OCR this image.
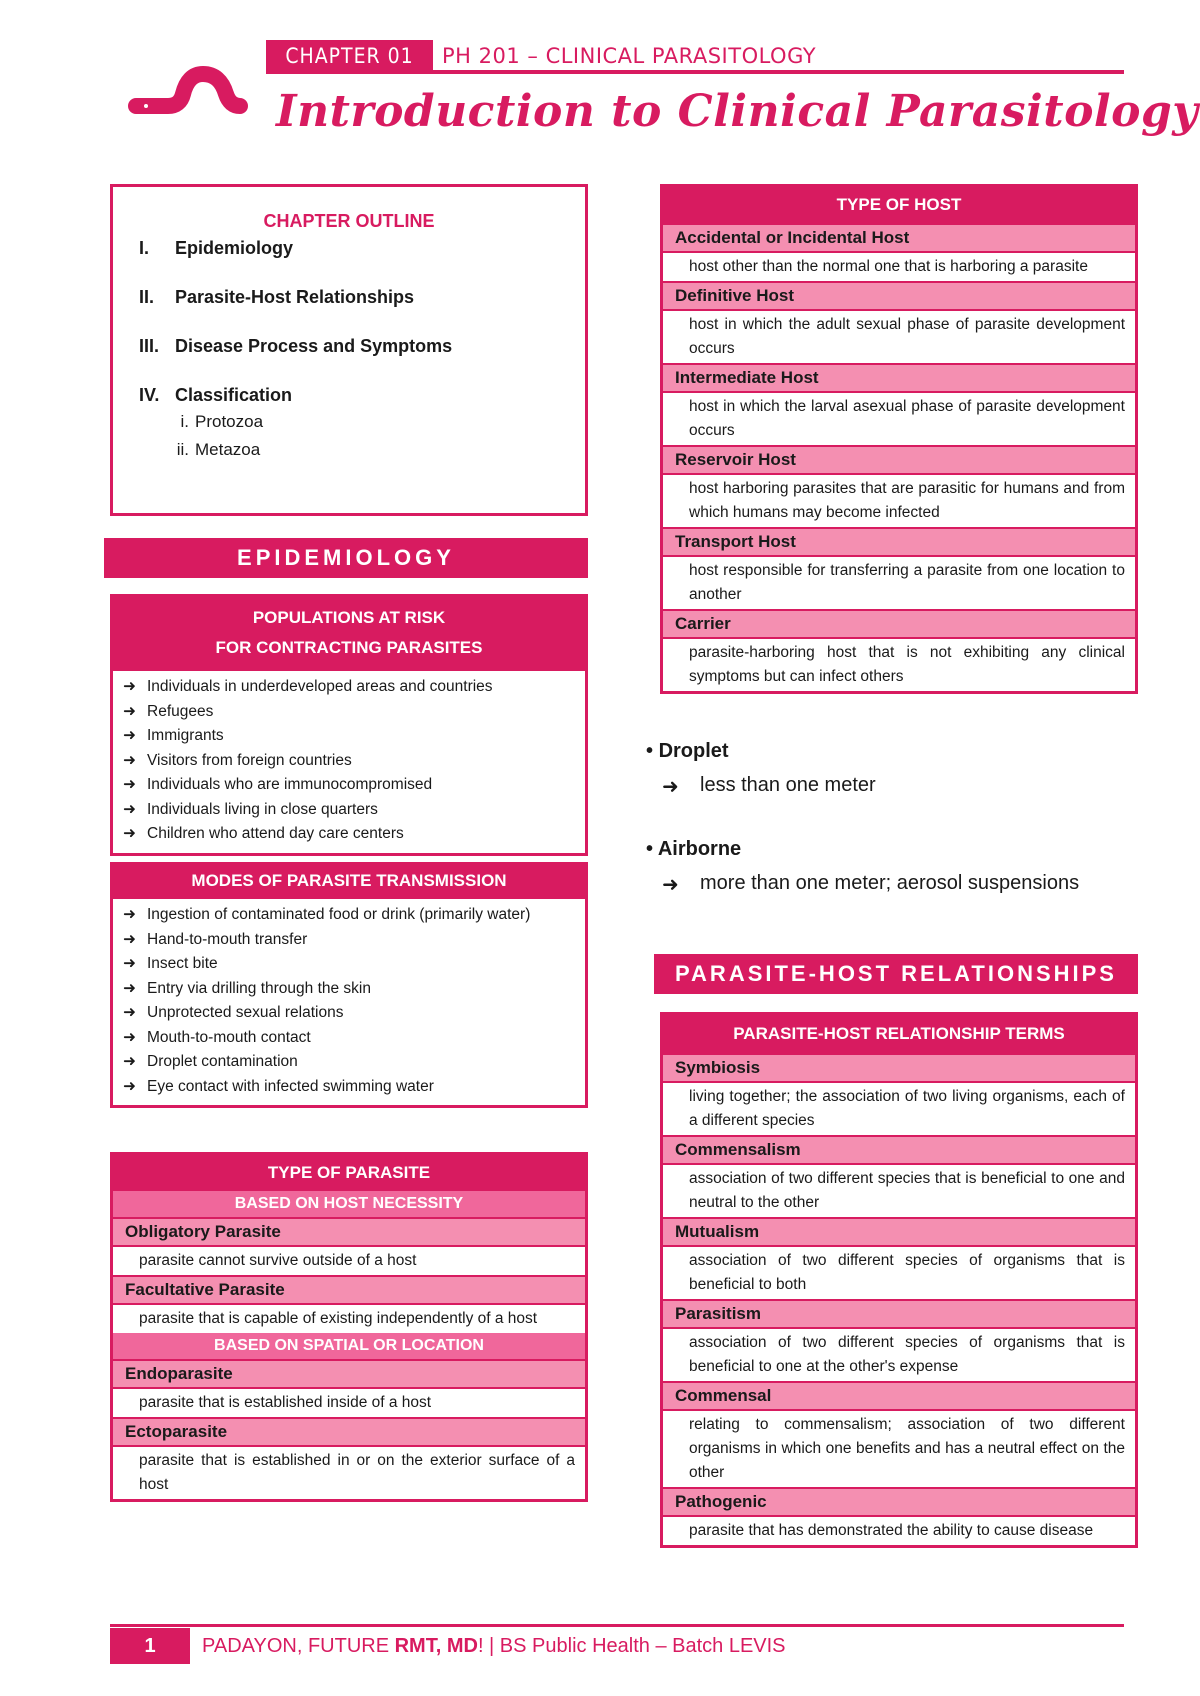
CHAPTER 01	PH 201 – CLINICAL PARASITOLOGY
Introduction to Clinical Parasitology
CHAPTER OUTLINE
I.	Epidemiology
II.	Parasite-Host Relationships
III. Disease Process and Symptoms
IV. Classification
i. Protozoa
ii. Metazoa
EPIDEMIOLOGY
POPULATIONS AT RISK
FOR CONTRACTING PARASITES

➜ Individuals in underdeveloped areas and countries
➜ Refugees
➜ Immigrants
➜ Visitors from foreign countries
➜ Individuals who are immunocompromised
➜ Individuals living in close quarters
➜ Children who attend day care centers
MODES OF PARASITE TRANSMISSION

➜ Ingestion of contaminated food or drink (primarily water)
➜ Hand-to-mouth transfer
➜ Insect bite
➜ Entry via drilling through the skin
➜ Unprotected sexual relations
➜ Mouth-to-mouth contact
➜ Droplet contamination
➜ Eye contact with infected swimming water
TYPE OF PARASITE
BASED ON HOST NECESSITY
Obligatory Parasite
parasite cannot survive outside of a host
Facultative Parasite
parasite that is capable of existing independently of a host
BASED ON SPATIAL OR LOCATION
Endoparasite
parasite that is established inside of a host
Ectoparasite
parasite that is established in or on the exterior surface of a host
TYPE OF HOST
Accidental or Incidental Host
host other than the normal one that is harboring a parasite
Definitive Host
host in which the adult sexual phase of parasite development occurs
Intermediate Host
host in which the larval asexual phase of parasite development occurs
Reservoir Host
host harboring parasites that are parasitic for humans and from which humans may become infected
Transport Host
host responsible for transferring a parasite from one location to another
Carrier
parasite-harboring host that is not exhibiting any clinical symptoms but can infect others
• Droplet
➜	less than one meter
• Airborne
➜	more than one meter; aerosol suspensions
PARASITE-HOST RELATIONSHIPS
PARASITE-HOST RELATIONSHIP TERMS
Symbiosis
living together; the association of two living organisms, each of a different species
Commensalism
association of two different species that is beneficial to one and neutral to the other
Mutualism
association of two different species of organisms that is beneficial to both
Parasitism
association of two different species of organisms that is beneficial to one at the other's expense
Commensal
relating to commensalism; association of two different organisms in which one benefits and has a neutral effect on the other
Pathogenic
parasite that has demonstrated the ability to cause disease
1	PADAYON, FUTURE RMT, MD ! | BS Public Health – Batch LEVIS
